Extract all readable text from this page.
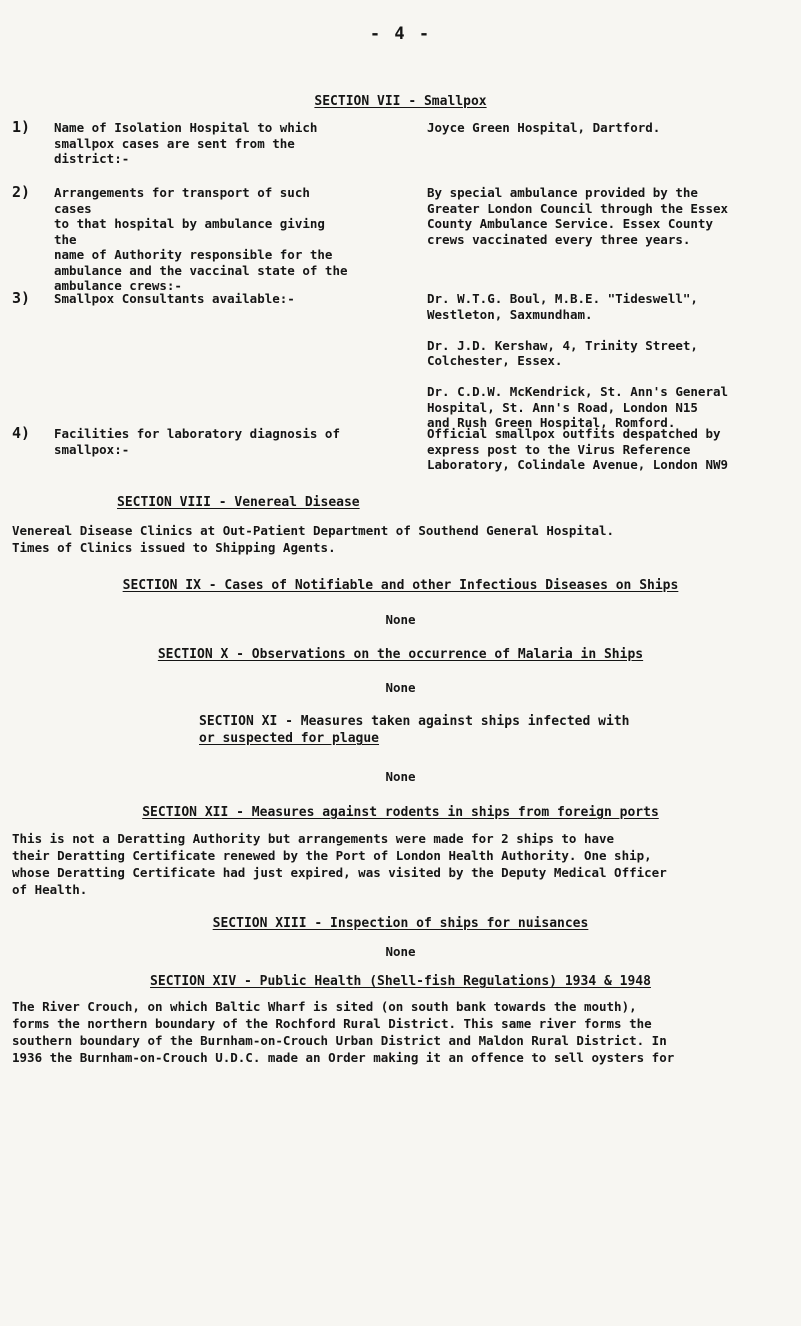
- 4 -
SECTION VII - Smallpox
1) Name of Isolation Hospital to which
smallpox cases are sent from the district:-
Joyce Green Hospital, Dartford.
2) Arrangements for transport of such cases
to that hospital by ambulance giving the
name of Authority responsible for the
ambulance and the vaccinal state of the
ambulance crews:-
By special ambulance provided by the
Greater London Council through the Essex
County Ambulance Service. Essex County
crews vaccinated every three years.
3) Smallpox Consultants available:-	Dr. W.T.G. Boul, M.B.E. "Tideswell",
Westleton, Saxmundham.

Dr. J.D. Kershaw, 4, Trinity Street,
Colchester, Essex.

Dr. C.D.W. McKendrick, St. Ann's General
Hospital, St. Ann's Road, London N15
and Rush Green Hospital, Romford.
4) Facilities for laboratory diagnosis of
smallpox:-
Official smallpox outfits despatched by
express post to the Virus Reference
Laboratory, Colindale Avenue, London NW9
SECTION VIII - Venereal Disease
Venereal Disease Clinics at Out-Patient Department of Southend General Hospital.
Times of Clinics issued to Shipping Agents.
SECTION IX - Cases of Notifiable and other Infectious Diseases on Ships
None
SECTION X - Observations on the occurrence of Malaria in Ships
None
SECTION XI - Measures taken against ships infected with
or suspected for plague
None
SECTION XII - Measures against rodents in ships from foreign ports
This is not a Deratting Authority but arrangements were made for 2 ships to have
their Deratting Certificate renewed by the Port of London Health Authority. One ship,
whose Deratting Certificate had just expired, was visited by the Deputy Medical Officer
of Health.
SECTION XIII - Inspection of ships for nuisances
None
SECTION XIV - Public Health (Shell-fish Regulations) 1934 & 1948
The River Crouch, on which Baltic Wharf is sited (on south bank towards the mouth),
forms the northern boundary of the Rochford Rural District. This same river forms the
southern boundary of the Burnham-on-Crouch Urban District and Maldon Rural District. In
1936 the Burnham-on-Crouch U.D.C. made an Order making it an offence to sell oysters for
